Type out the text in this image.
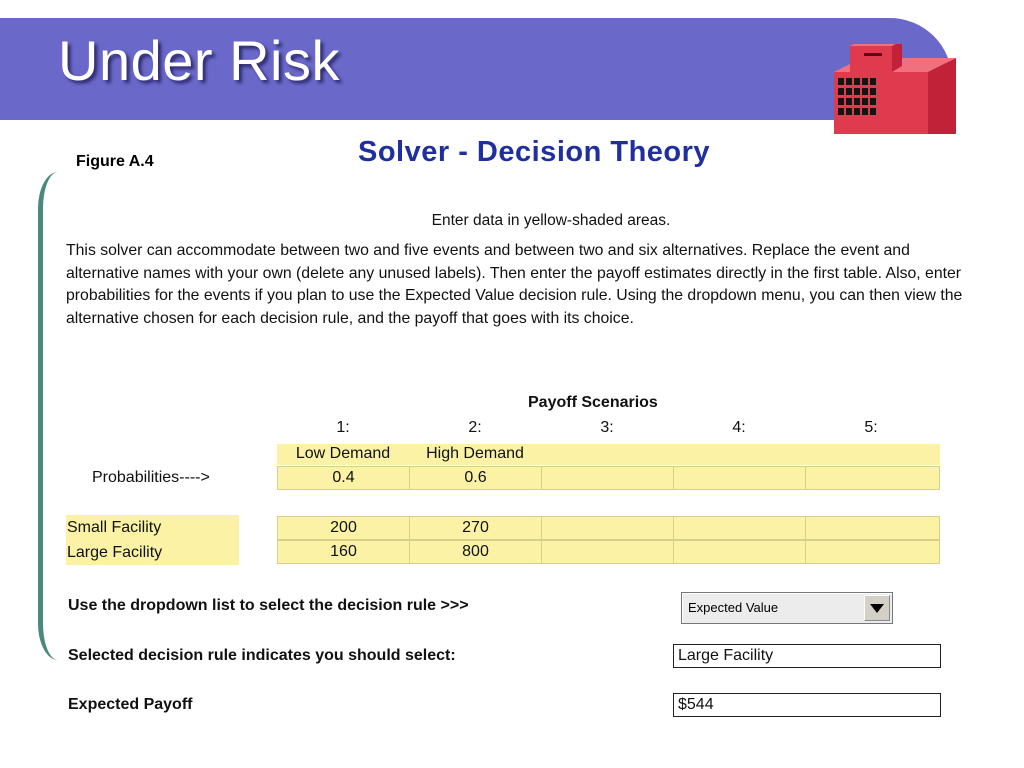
Under Risk
Figure A.4	Solver - Decision Theory
Enter data in yellow-shaded areas.
This solver can accommodate between two and five events and between two and six alternatives. Replace the event and alternative names with your own (delete any unused labels). Then enter the payoff estimates directly in the first table. Also, enter probabilities for the events if you plan to use the Expected Value decision rule. Using the dropdown menu, you can then view the alternative chosen for each decision rule, and the payoff that goes with its choice.
Payoff Scenarios
1:	2:	3:	4:	5:
Low Demand	High Demand
Probabilities---->	0.4	0.6
Small Facility	200	270
Large Facility	160	800
Use the dropdown list to select the decision rule >>>	Expected Value
Selected decision rule indicates you should select:	Large Facility
Expected Payoff	$544
